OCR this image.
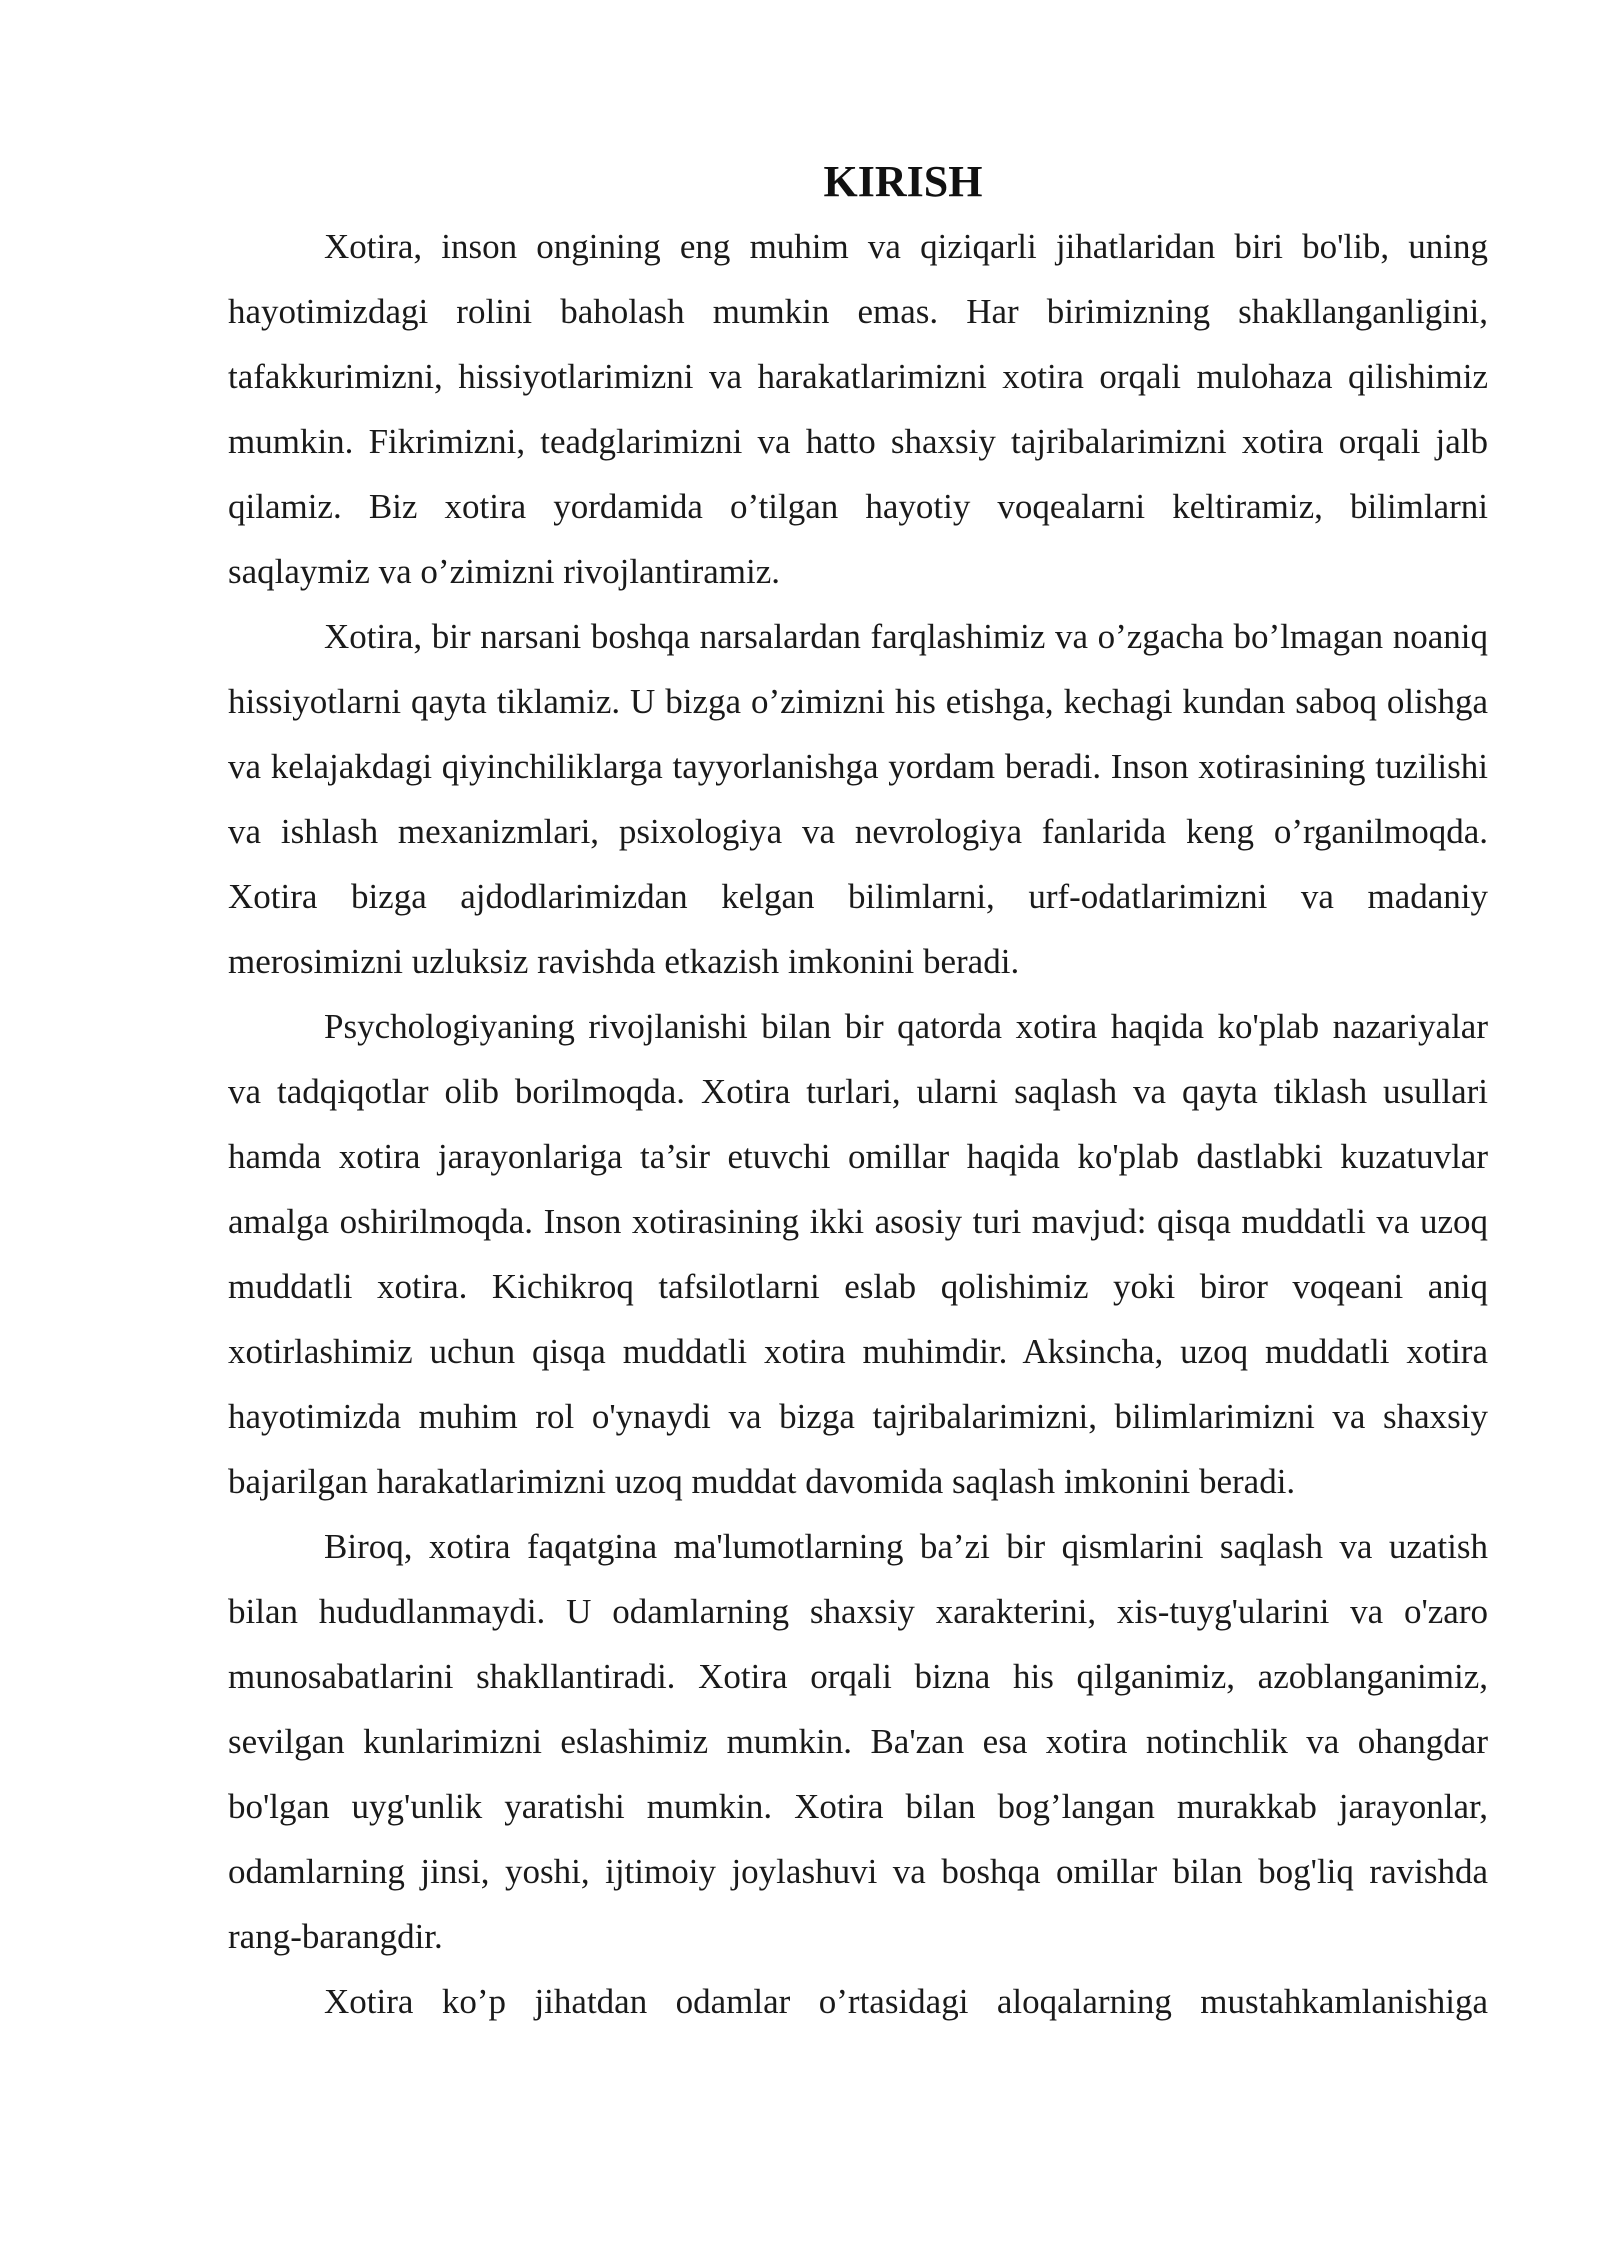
KIRISH

Xotira, inson ongining eng muhim va qiziqarli jihatlaridan biri bo'lib, uning hayotimizdagi rolini baholash mumkin emas. Har birimizning shakllanganligini, tafakkurimizni, hissiyotlarimizni va harakatlarimizni xotira orqali mulohaza qilishimiz mumkin. Fikrimizni, teadglarimizni va hatto shaxsiy tajribalarimizni xotira orqali jalb qilamiz. Biz xotira yordamida o’tilgan hayotiy voqealarni keltiramiz, bilimlarni saqlaymiz va o’zimizni rivojlantiramiz.

Xotira, bir narsani boshqa narsalardan farqlashimiz va o’zgacha bo’lmagan noaniq hissiyotlarni qayta tiklamiz. U bizga o’zimizni his etishga, kechagi kundan saboq olishga va kelajakdagi qiyinchiliklarga tayyorlanishga yordam beradi. Inson xotirasining tuzilishi va ishlash mexanizmlari, psixologiya va nevrologiya fanlarida keng o’rganilmoqda. Xotira bizga ajdodlarimizdan kelgan bilimlarni, urf-odatlarimizni va madaniy merosimizni uzluksiz ravishda etkazish imkonini beradi.

Psychologiyaning rivojlanishi bilan bir qatorda xotira haqida ko'plab nazariyalar va tadqiqotlar olib borilmoqda. Xotira turlari, ularni saqlash va qayta tiklash usullari hamda xotira jarayonlariga ta’sir etuvchi omillar haqida ko'plab dastlabki kuzatuvlar amalga oshirilmoqda. Inson xotirasining ikki asosiy turi mavjud: qisqa muddatli va uzoq muddatli xotira. Kichikroq tafsilotlarni eslab qolishimiz yoki biror voqeani aniq xotirlashimiz uchun qisqa muddatli xotira muhimdir. Aksincha, uzoq muddatli xotira hayotimizda muhim rol o'ynaydi va bizga tajribalarimizni, bilimlarimizni va shaxsiy bajarilgan harakatlarimizni uzoq muddat davomida saqlash imkonini beradi.

Biroq, xotira faqatgina ma'lumotlarning ba’zi bir qismlarini saqlash va uzatish bilan hududlanmaydi. U odamlarning shaxsiy xarakterini, xis-tuyg'ularini va o'zaro munosabatlarini shakllantiradi. Xotira orqali bizna his qilganimiz, azoblanganimiz, sevilgan kunlarimizni eslashimiz mumkin. Ba'zan esa xotira notinchlik va ohangdar bo'lgan uyg'unlik yaratishi mumkin. Xotira bilan bog’langan murakkab jarayonlar, odamlarning jinsi, yoshi, ijtimoiy joylashuvi va boshqa omillar bilan bog'liq ravishda rang-barangdir.

Xotira ko’p jihatdan odamlar o’rtasidagi aloqalarning mustahkamlanishiga
